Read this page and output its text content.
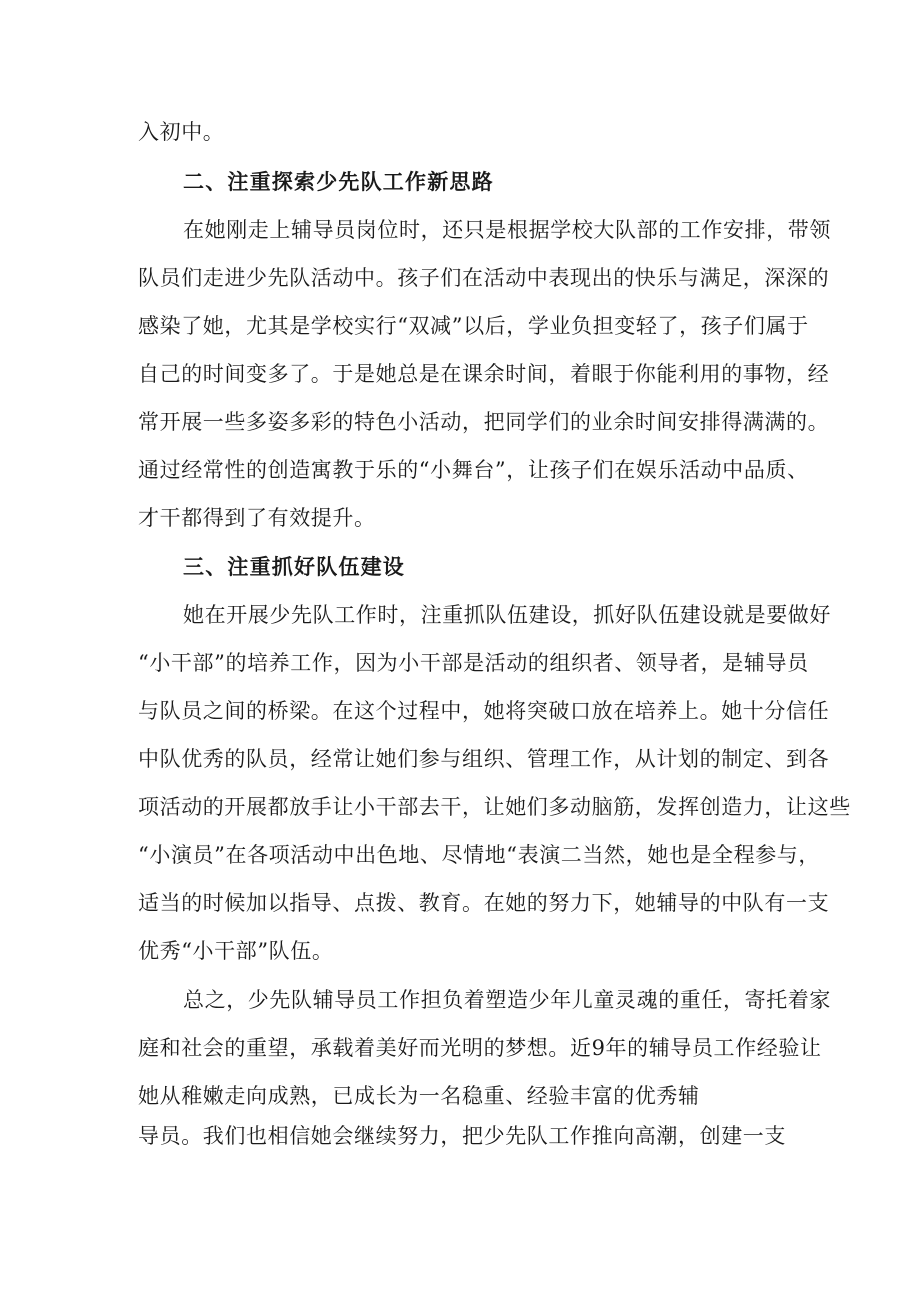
入初中。
二、注重探索少先队工作新思路
在她刚走上辅导员岗位时，还只是根据学校大队部的工作安排，带领
队员们走进少先队活动中。孩子们在活动中表现出的快乐与满足，深深的
感染了她，尤其是学校实行“双减”以后，学业负担变轻了，孩子们属于
自己的时间变多了。于是她总是在课余时间，着眼于你能利用的事物，经
常开展一些多姿多彩的特色小活动，把同学们的业余时间安排得满满的。
通过经常性的创造寓教于乐的“小舞台”，让孩子们在娱乐活动中品质、
才干都得到了有效提升。
三、注重抓好队伍建设
她在开展少先队工作时，注重抓队伍建设，抓好队伍建设就是要做好
“小干部”的培养工作，因为小干部是活动的组织者、领导者，是辅导员
与队员之间的桥梁。在这个过程中，她将突破口放在培养上。她十分信任
中队优秀的队员，经常让她们参与组织、管理工作，从计划的制定、到各
项活动的开展都放手让小干部去干，让她们多动脑筋，发挥创造力，让这些
“小演员”在各项活动中出色地、尽情地“表演二当然，她也是全程参与，
适当的时候加以指导、点拨、教育。在她的努力下，她辅导的中队有一支
优秀“小干部”队伍。
总之，少先队辅导员工作担负着塑造少年儿童灵魂的重任，寄托着家
庭和社会的重望，承载着美好而光明的梦想。近9年的辅导员工作经验让
她从稚嫩走向成熟，已成长为一名稳重、经验丰富的优秀辅
导员。我们也相信她会继续努力，把少先队工作推向高潮，创建一支
